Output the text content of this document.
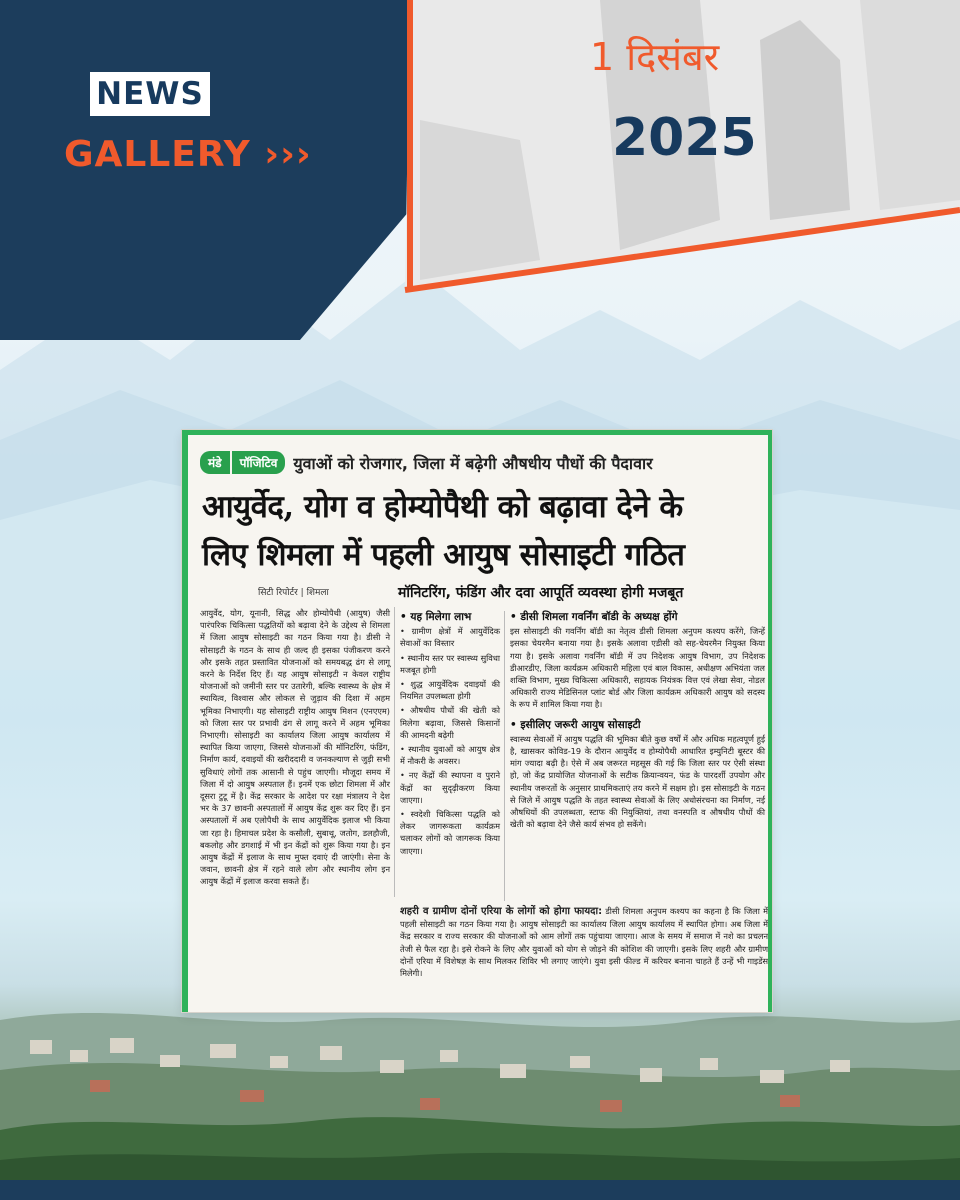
NEWS
GALLERY ›››
1 दिसंबर
2025
मंडे	पॉजिटिव	युवाओं को रोजगार, जिला में बढ़ेगी औषधीय पौधों की पैदावार
आयुर्वेद, योग व होम्योपैथी को बढ़ावा देने के
लिए शिमला में पहली आयुष सोसाइटी गठित
सिटी रिपोर्टर | शिमला	मॉनिटरिंग, फंडिंग और दवा आपूर्ति व्यवस्था होगी मजबूत

आयुर्वेद, योग, यूनानी, सिद्ध और होम्योपैथी (आयुष) जैसी पारंपरिक चिकित्सा पद्धतियों को बढ़ावा देने के उद्देश्य से शिमला में जिला आयुष सोसाइटी का गठन किया गया है। डीसी ने सोसाइटी के गठन के साथ ही जल्द ही इसका पंजीकरण करने और इसके तहत प्रस्तावित योजनाओं को समयबद्ध ढंग से लागू करने के निर्देश दिए हैं। यह आयुष सोसाइटी न केवल राष्ट्रीय योजनाओं को जमीनी स्तर पर उतारेगी, बल्कि स्वास्थ्य के क्षेत्र में स्थायित्व, विश्वास और लोकल से जुड़ाव की दिशा में अहम भूमिका निभाएगी। यह सोसाइटी राष्ट्रीय आयुष मिशन (एनएएम) को जिला स्तर पर प्रभावी ढंग से लागू करने में अहम भूमिका निभाएगी। सोसाइटी का कार्यालय जिला आयुष कार्यालय में स्थापित किया जाएगा, जिससे योजनाओं की मॉनिटरिंग, फंडिंग, निर्माण कार्य, दवाइयों की खरीददारी व जनकल्याण से जुड़ी सभी सुविधाएं लोगों तक आसानी से पहुंच जाएगी। मौजूदा समय में जिला में दो आयुष अस्पताल हैं। इनमें एक छोटा शिमला में और दूसरा टुटू में है। केंद्र सरकार के आदेश पर रक्षा मंत्रालय ने देश भर के 37 छावनी अस्पतालों में आयुष केंद्र शुरू कर दिए हैं। इन अस्पतालों में अब एलोपैथी के साथ आयुर्वेदिक इलाज भी किया जा रहा है। हिमाचल प्रदेश के कसौली, सुबाथू, जतोग, डलहौजी, बकलोह और डगशाई में भी इन केंद्रों को शुरू किया गया है। इन आयुष केंद्रों में इलाज के साथ मुफ्त दवाएं दी जाएंगी। सेना के जवान, छावनी क्षेत्र में रहने वाले लोग और स्थानीय लोग इन आयुष केंद्रों में इलाज करवा सकते हैं।

• यह मिलेगा लाभ
• ग्रामीण क्षेत्रों में आयुर्वेदिक सेवाओं का विस्तार
• स्थानीय स्तर पर स्वास्थ्य सुविधा मजबूत होगी
• शुद्ध आयुर्वेदिक दवाइयों की नियमित उपलब्धता होगी
• औषधीय पौधों की खेती को मिलेगा बढ़ावा, जिससे किसानों की आमदनी बढ़ेगी
• स्थानीय युवाओं को आयुष क्षेत्र में नौकरी के अवसर।
• नए केंद्रों की स्थापना व पुराने केंद्रों का सुदृढ़ीकरण किया जाएगा।
• स्वदेशी चिकित्सा पद्धति को लेकर जागरूकता कार्यक्रम चलाकर लोगों को जागरूक किया जाएगा।
• डीसी शिमला गवर्निंग बॉडी के अध्यक्ष होंगे

इस सोसाइटी की गवर्निंग बॉडी का नेतृत्व डीसी शिमला अनुपम कश्यप करेंगे, जिन्हें इसका चेयरमैन बनाया गया है। इसके अलावा एडीसी को सह-चेयरमैन नियुक्त किया गया है। इसके अलावा गवर्निंग बॉडी में उप निदेशक आयुष विभाग, उप निदेशक डीआरडीए, जिला कार्यक्रम अधिकारी महिला एवं बाल विकास, अधीक्षण अभियंता जल शक्ति विभाग, मुख्य चिकित्सा अधिकारी, सहायक नियंत्रक वित्त एवं लेखा सेवा, नोडल अधिकारी राज्य मेडिसिनल प्लांट बोर्ड और जिला कार्यक्रम अधिकारी आयुष को सदस्य के रूप में शामिल किया गया है।

• इसीलिए जरूरी आयुष सोसाइटी

स्वास्थ्य सेवाओं में आयुष पद्धति की भूमिका बीते कुछ वर्षों में और अधिक महत्वपूर्ण हुई है, खासकर कोविड-19 के दौरान आयुर्वेद व होम्योपैथी आधारित इम्युनिटी बूस्टर की मांग ज्यादा बढ़ी है। ऐसे में अब जरूरत महसूस की गई कि जिला स्तर पर ऐसी संस्था हो, जो केंद्र प्रायोजित योजनाओं के सटीक क्रियान्वयन, फंड के पारदर्शी उपयोग और स्थानीय जरूरतों के अनुसार प्राथमिकताएं तय करने में सक्षम हो। इस सोसाइटी के गठन से जिले में आयुष पद्धति के तहत स्वास्थ्य सेवाओं के लिए अधोसंरचना का निर्माण, नई औषधियों की उपलब्धता, स्टाफ की नियुक्तियां, तथा वनस्पति व औषधीय पौधों की खेती को बढ़ावा देने जैसे कार्य संभव हो सकेंगे।

शहरी व ग्रामीण दोनों एरिया के लोगों को होगा फायदा: डीसी शिमला अनुपम कश्यप का कहना है कि जिला में पहली सोसाइटी का गठन किया गया है। आयुष सोसाइटी का कार्यालय जिला आयुष कार्यालय में स्थापित होगा। अब जिला में केंद्र सरकार व राज्य सरकार की योजनाओं को आम लोगों तक पहुंचाया जाएगा। आज के समय में समाज में नशे का प्रचलन तेजी से फैल रहा है। इसे रोकने के लिए और युवाओं को योग से जोड़ने की कोशिश की जाएगी। इसके लिए शहरी और ग्रामीण दोनों एरिया में विशेषज्ञ के साथ मिलकर शिविर भी लगाए जाएंगे। युवा इसी फील्ड में करियर बनाना चाहते हैं उन्हें भी गाइडेंस मिलेगी।
